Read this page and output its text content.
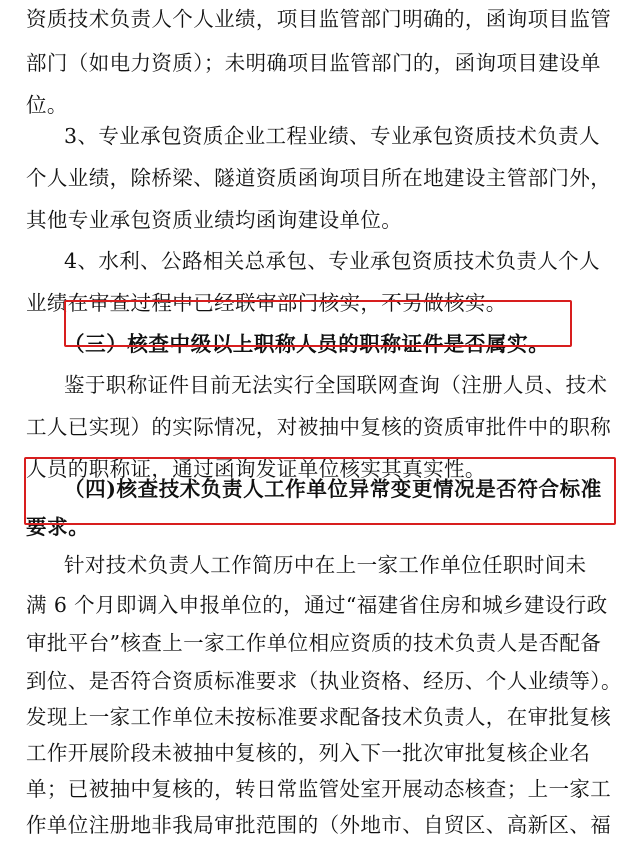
资质技术负责人个人业绩，项目监管部门明确的，函询项目监管
部门（如电力资质）；未明确项目监管部门的，函询项目建设单
位。
3、专业承包资质企业工程业绩、专业承包资质技术负责人
个人业绩，除桥梁、隧道资质函询项目所在地建设主管部门外，
其他专业承包资质业绩均函询建设单位。
4、水利、公路相关总承包、专业承包资质技术负责人个人
业绩在审查过程中已经联审部门核实，不另做核实。
（三）核查中级以上职称人员的职称证件是否属实。
鉴于职称证件目前无法实行全国联网查询（注册人员、技术
工人已实现）的实际情况，对被抽中复核的资质审批件中的职称
人员的职称证，通过函询发证单位核实其真实性。
（四)核查技术负责人工作单位异常变更情况是否符合标准
要求。
针对技术负责人工作简历中在上一家工作单位任职时间未
满 6 个月即调入申报单位的，通过“福建省住房和城乡建设行政
审批平台”核查上一家工作单位相应资质的技术负责人是否配备
到位、是否符合资质标准要求（执业资格、经历、个人业绩等）。
发现上一家工作单位未按标准要求配备技术负责人，在审批复核
工作开展阶段未被抽中复核的，列入下一批次审批复核企业名
单；已被抽中复核的，转日常监管处室开展动态核查；上一家工
作单位注册地非我局审批范围的（外地市、自贸区、高新区、福
